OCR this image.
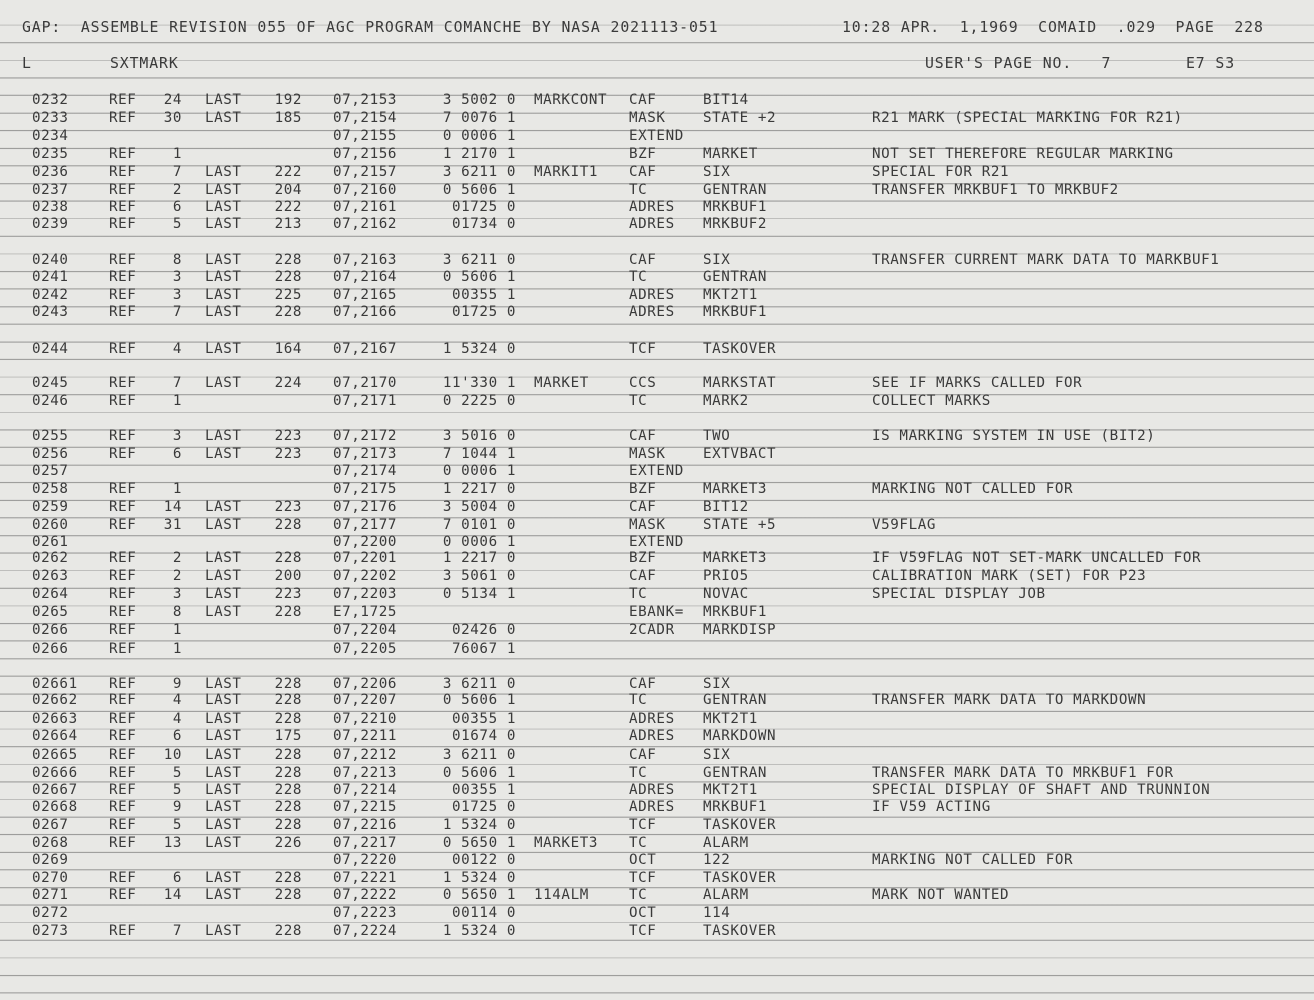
GAP:  ASSEMBLE REVISION 055 OF AGC PROGRAM COMANCHE BY NASA 2021113-051

	10:28 APR.  1,1969  COMAID  .029  PAGE  228

L

	SXTMARK

	USER'S PAGE NO.   7

	E7 S3

0232	REF	24 LAST	192 07,2153	3 5002 0 MARKCONT	CAF	BIT14
0233	REF	30 LAST	185 07,2154	7 0076 1	MASK	STATE +2	R21 MARK (SPECIAL MARKING FOR R21)
0234	07,2155	0 0006 1	EXTEND
0235	REF	1	07,2156	1 2170 1	BZF	MARKET	NOT SET THEREFORE REGULAR MARKING
0236	REF	7 LAST	222 07,2157	3 6211 0 MARKIT1	CAF	SIX	SPECIAL FOR R21
0237	REF	2 LAST	204 07,2160	0 5606 1	TC	GENTRAN	TRANSFER MRKBUF1 TO MRKBUF2
0238	REF	6 LAST	222 07,2161	01725 0	ADRES	MRKBUF1
0239	REF	5 LAST	213 07,2162	01734 0	ADRES	MRKBUF2
0240	REF	8 LAST	228 07,2163	3 6211 0	CAF	SIX	TRANSFER CURRENT MARK DATA TO MARKBUF1
0241	REF	3 LAST	228 07,2164	0 5606 1	TC	GENTRAN
0242	REF	3 LAST	225 07,2165	00355 1	ADRES	MKT2T1
0243	REF	7 LAST	228 07,2166	01725 0	ADRES	MRKBUF1
0244	REF	4 LAST	164 07,2167	1 5324 0	TCF	TASKOVER
0245	REF	7 LAST	224 07,2170	11'330 1 MARKET	CCS	MARKSTAT	SEE IF MARKS CALLED FOR
0246	REF	1	07,2171	0 2225 0	TC	MARK2	COLLECT MARKS
0255	REF	3 LAST	223 07,2172	3 5016 0	CAF	TWO	IS MARKING SYSTEM IN USE (BIT2)
0256	REF	6 LAST	223 07,2173	7 1044 1	MASK	EXTVBACT
0257	07,2174	0 0006 1	EXTEND
0258	REF	1	07,2175	1 2217 0	BZF	MARKET3	MARKING NOT CALLED FOR
0259	REF	14 LAST	223 07,2176	3 5004 0	CAF	BIT12
0260	REF	31 LAST	228 07,2177	7 0101 0	MASK	STATE +5	V59FLAG
0261	07,2200	0 0006 1	EXTEND
0262	REF	2 LAST	228 07,2201	1 2217 0	BZF	MARKET3	IF V59FLAG NOT SET-MARK UNCALLED FOR
0263	REF	2 LAST	200 07,2202	3 5061 0	CAF	PRIO5	CALIBRATION MARK (SET) FOR P23
0264	REF	3 LAST	223 07,2203	0 5134 1	TC	NOVAC	SPECIAL DISPLAY JOB
0265	REF	8 LAST	228 E7,1725	EBANK=	MRKBUF1
0266	REF	1	07,2204	02426 0	2CADR	MARKDISP
0266	REF	1	07,2205	76067 1
02661	REF	9 LAST	228 07,2206	3 6211 0	CAF	SIX
02662	REF	4 LAST	228 07,2207	0 5606 1	TC	GENTRAN	TRANSFER MARK DATA TO MARKDOWN
02663	REF	4 LAST	228 07,2210	00355 1	ADRES	MKT2T1
02664	REF	6 LAST	175 07,2211	01674 0	ADRES	MARKDOWN
02665	REF	10 LAST	228 07,2212	3 6211 0	CAF	SIX
02666	REF	5 LAST	228 07,2213	0 5606 1	TC	GENTRAN	TRANSFER MARK DATA TO MRKBUF1 FOR
02667	REF	5 LAST	228 07,2214	00355 1	ADRES	MKT2T1	SPECIAL DISPLAY OF SHAFT AND TRUNNION
02668	REF	9 LAST	228 07,2215	01725 0	ADRES	MRKBUF1	IF V59 ACTING
0267	REF	5 LAST	228 07,2216	1 5324 0	TCF	TASKOVER
0268	REF	13 LAST	226 07,2217	0 5650 1 MARKET3	TC	ALARM
0269	07,2220	00122 0	OCT	122	MARKING NOT CALLED FOR
0270	REF	6 LAST	228 07,2221	1 5324 0	TCF	TASKOVER
0271	REF	14 LAST	228 07,2222	0 5650 1 114ALM	TC	ALARM	MARK NOT WANTED
0272	07,2223	00114 0	OCT	114
0273	REF	7 LAST	228 07,2224	1 5324 0	TCF	TASKOVER
